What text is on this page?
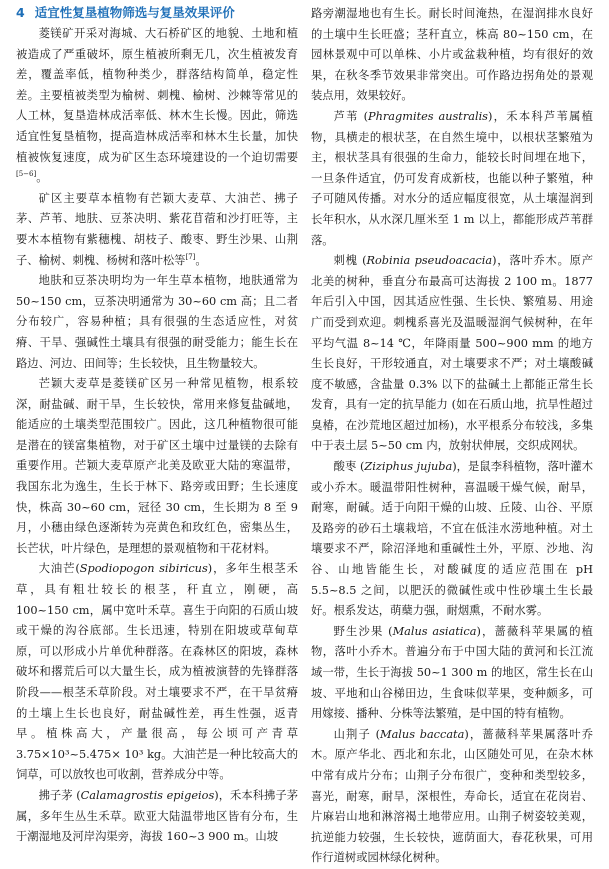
4 适宜性复垦植物筛选与复垦效果评价

菱镁矿开采对海城、大石桥矿区的地貌、土地和植被造成了严重破坏，原生植被所剩无几，次生植被发育差，覆盖率低，植物种类少，群落结构简单，稳定性差。主要植被类型为榆树、刺槐、榆树、沙棘等常见的人工林，复垦造林成活率低、林木生长慢。因此，筛选适宜性复垦植物，提高造林成活率和林木生长量，加快植被恢复速度，成为矿区生态环境建设的一个迫切需要[5−6]。

矿区主要草本植物有芒颖大麦草、大油芒、拂子茅、芦苇、地肤、豆茶决明、紫花苜蓿和沙打旺等，主要木本植物有紫穗槐、胡枝子、酸枣、野生沙果、山荆子、榆树、刺槐、杨树和落叶松等[7]。

地肤和豆茶决明均为一年生草本植物，地肤通常为 50~150 cm，豆茶决明通常为 30~60 cm 高；且二者分布较广，容易种植；具有很强的生态适应性，对贫瘠、干旱、强碱性土壤具有很强的耐受能力；能生长在路边、河边、田间等；生长较快，且生物量较大。

芒颖大麦草是菱镁矿区另一种常见植物，根系较深，耐盐碱、耐干旱，生长较快，常用来修复盐碱地，能适应的土壤类型范围较广。因此，这几种植物很可能是潜在的镁富集植物，对于矿区土壤中过量镁的去除有重要作用。芒颖大麦草原产北美及欧亚大陆的寒温带，我国东北为逸生，生长于林下、路旁或田野；生长速度快，株高 30~60 cm，冠径 30 cm，生长期为 8 至 9 月，小穗由绿色逐渐转为亮黄色和玫红色，密集丛生，长芒状，叶片绿色，是理想的景观植物和干花材料。

大油芒(Spodiopogon sibiricus)，多年生根茎禾草，具有粗壮较长的根茎，秆直立，刚硬，高 100~150 cm，属中宽叶禾草。喜生于向阳的石质山坡或干燥的沟谷底部。生长迅速，特别在阳坡或草甸草原，可以形成小片单优种群落。在森林区的阳坡，森林破坏和撂荒后可以大量生长，成为植被演替的先锋群落阶段——根茎禾草阶段。对土壤要求不严，在干旱贫瘠的土壤上生长也良好，耐盐碱性差，再生性强，返青早。植株高大，产量很高，每公顷可产青草 3.75×10³~5.475× 10³ kg。大油芒是一种比较高大的饲草，可以放牧也可收割，营养成分中等。

拂子茅 (Calamagrostis epigeios)，禾本科拂子茅属，多年生丛生禾草。欧亚大陆温带地区皆有分布，生于潮湿地及河岸沟渠旁，海拔 160~3 900 m。山坡

路旁潮湿地也有生长。耐长时间淹热，在湿润排水良好的土壤中生长旺盛；茎秆直立，株高 80~150 cm，在园林景观中可以单株、小片或盆栽种植，均有很好的效果，在秋冬季节效果非常突出。可作路边拐角处的景观装点用，效果较好。

芦苇 (Phragmites australis)，禾本科芦苇属植物，具横走的根状茎，在自然生境中，以根状茎繁殖为主，根状茎具有很强的生命力，能较长时间埋在地下，一旦条件适宜，仍可发育成新枝，也能以种子繁殖，种子可随风传播。对水分的适应幅度很宽，从土壤湿润到长年积水，从水深几厘米至 1 m 以上，都能形成芦苇群落。

刺槐 (Robinia pseudoacacia)，落叶乔木。原产北美的树种，垂直分布最高可达海拔 2 100 m。1877 年后引入中国，因其适应性强、生长快、繁殖易、用途广而受到欢迎。刺槐系喜光及温暖湿润气候树种，在年平均气温 8~14 ℃，年降雨量 500~900 mm 的地方生长良好，干形较通直，对土壤要求不严；对土壤酸碱度不敏感，含盐量 0.3% 以下的盐碱土上都能正常生长发育，具有一定的抗旱能力 (如在石质山地，抗旱性超过臭椿，在沙荒地区超过加杨)，水平根系分布较浅，多集中于表土层 5~50 cm 内，放射状伸展，交织成网状。

酸枣 (Ziziphus jujuba)，是鼠李科植物，落叶灌木或小乔木。暖温带阳性树种，喜温暖干燥气候，耐旱，耐寒，耐碱。适于向阳干燥的山坡、丘陵、山谷、平原及路旁的砂石土壤栽培，不宜在低洼水涝地种植。对土壤要求不严，除沼泽地和重碱性土外，平原、沙地、沟谷、山地皆能生长，对酸碱度的适应范围在 pH 5.5~8.5 之间，以肥沃的微碱性或中性砂壤土生长最好。根系发达，萌蘖力强，耐烟熏，不耐水雾。

野生沙果 (Malus asiatica)，蔷薇科苹果属的植物，落叶小乔木。普遍分布于中国大陆的黄河和长江流域一带，生长于海拔 50~1 300 m 的地区，常生长在山坡、平地和山谷梯田边，生食味似苹果，变种颇多，可用嫁接、播种、分株等法繁殖，是中国的特有植物。

山荆子 (Malus baccata)，蔷薇科苹果属落叶乔木。原产华北、西北和东北，山区随处可见，在杂木林中常有成片分布；山荆子分布很广，变种和类型较多，喜光，耐寒，耐旱，深根性，寿命长，适宜在花岗岩、片麻岩山地和淋溶褐土地带应用。山荆子树姿较美观，抗逆能力较强，生长较快，遮荫面大，春花秋果，可用作行道树或园林绿化树种。
